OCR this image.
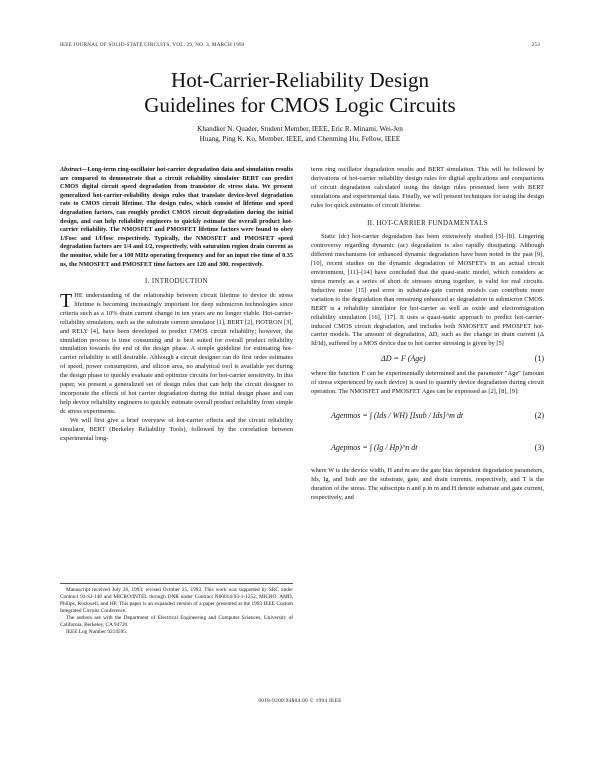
IEEE JOURNAL OF SOLID-STATE CIRCUITS, VOL. 29, NO. 3, MARCH 1994	253
Hot-Carrier-Reliability Design
Guidelines for CMOS Logic Circuits
Khandker N. Quader, Student Member, IEEE, Eric R. Minami, Wei-Jen
Huang, Ping K. Ko, Member, IEEE, and Chenming Hu, Fellow, IEEE
Abstract—Long-term ring-oscillator hot-carrier degradation data and simulation results are compared to demonstrate that a circuit reliability simulator BERT can predict CMOS digital circuit speed degradation from transistor dc stress data. We present generalized hot-carrier-reliability design rules that translate device-level degradation rate to CMOS circuit lifetime. The design rules, which consist of lifetime and speed degradation factors, can roughly predict CMOS circuit degradation during the initial design, and can help reliability engineers to quickly estimate the overall product hot-carrier reliability. The NMOSFET and PMOSFET lifetime factors were found to obey 1/Fosc and 1/f/fosc respectively. Typically, the NMOSFET and PMOSFET speed degradation factors are 1/4 and 1/2, respectively, with saturation region drain current as the monitor, while for a 100 MHz operating frequency and for an input rise time of 0.35 ns, the NMOSFET and PMOSFET time factors are 120 and 300, respectively.
I. INTRODUCTION

THE understanding of the relationship between circuit lifetime to device dc stress lifetime is becoming increasingly important for deep submicron technologies since criteria such as a 10% drain current change in ten years are no longer viable. Hot-carrier-reliability simulators, such as the substrate current simulator [1], BERT [2], HOTRON [3], and RELY [4], have been developed to predict CMOS circuit reliability; however, the simulation process is time consuming and is best suited for overall product reliability simulation towards the end of the design phase. A simple guideline for estimating hot-carrier reliability is still desirable. Although a circuit designer can do first order estimates of speed, power consumption, and silicon area, no analytical tool is available yet during the design phase to quickly evaluate and optimize circuits for hot-carrier sensitivity. In this paper, we present a generalized set of design rules that can help the circuit designer to incorporate the effects of hot carrier degradation during the initial design phase and can help device reliability engineers to quickly estimate overall product reliability from simple dc stress experiments.

We will first give a brief overview of hot-carrier effects and the circuit reliability simulator, BERT (Berkeley Reliability Tools), followed by the correlation between experimental long-

Manuscript received July 26, 1993; revised October 25, 1993. This work was supported by SRC under Contract 93-SJ-148 and MICRO/INTEL through DNR under Contract N00014-93-1-1252, MICRO, AMD, Philips, Rockwell, and HP. This paper is an expanded version of a paper presented at the 1993 IEEE Custom Integrated Circuits Conference.

The authors are with the Department of Electrical Engineering and Computer Sciences, University of California, Berkeley, CA 94720.

IEEE Log Number 9214595.

term ring oscillator degradation results and BERT simulation. This will be followed by derivations of hot-carrier reliability design rules for digital applications and comparisons of circuit degradation calculated using the design rules presented here with BERT simulations and experimental data. Finally, we will present techniques for using the design rules for quick estimates of circuit lifetime.

II. HOT-CARRIER FUNDAMENTALS

Static (dc) hot-carrier degradation has been extensively studied [5]–[8]. Lingering controversy regarding dynamic (ac) degradation is also rapidly dissipating. Although different mechanisms for enhanced dynamic degradation have been noted in the past [9], [10], recent studies on the dynamic degradation of MOSFET's in an actual circuit environment, [11]–[14] have concluded that the quasi-static model, which considers ac stress merely as a series of short dc stresses strung together, is valid for real circuits. Inductive noise [15] and error in substrate-gate current models can contribute more variation to the degradation than remaining enhanced ac degradation in submicron CMOS. BERT is a reliability simulator for hot-carrier as well as oxide and electromigration reliability simulation [16], [17]. It uses a quasi-static approach to predict hot-carrier-induced CMOS circuit degradation, and includes both NMOSFET and PMOSFET hot-carrier models. The amount of degradation, ΔD, such as the change in drain current (Δ Id/Id), suffered by a MOS device due to hot carrier stressing is given by [5]

ΔD = F (Age)	(1)

where the function F can be experimentally determined and the parameter "Age" (amount of stress experienced by each device) is used to quantify device degradation during circuit operation. The NMOSFET and PMOSFET Ages can be expressed as [2], [8], [9]:

Agenmos = ∫ (Ids / WH) [Isub / Ids]^m dt	(2)
Agepmos = ∫ (Ig / Hp)^n dt	(3)

where W is the device width, H and m are the gate bias dependent degradation parameters, Ids, Ig, and Isub are the substrate, gate, and drain currents, respectively, and T is the duration of the stress. The subscripts n and p in m and H denote substrate and gate current, respectively, and

0018-9200/94$04.00 © 1994 IEEE
